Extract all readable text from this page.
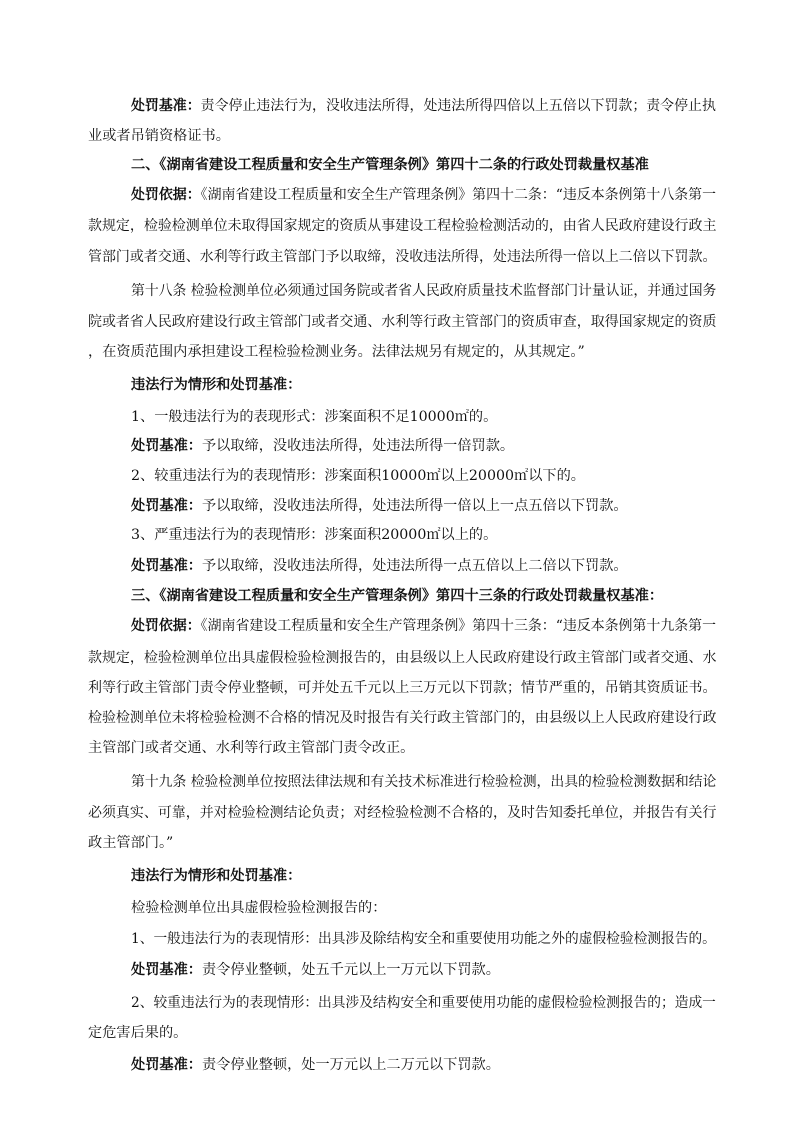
处罚基准：责令停止违法行为，没收违法所得，处违法所得四倍以上五倍以下罚款；责令停止执
业或者吊销资格证书。
二、《湖南省建设工程质量和安全生产管理条例》第四十二条的行政处罚裁量权基准
处罚依据：《湖南省建设工程质量和安全生产管理条例》第四十二条：“违反本条例第十八条第一
款规定，检验检测单位未取得国家规定的资质从事建设工程检验检测活动的，由省人民政府建设行政主
管部门或者交通、水利等行政主管部门予以取缔，没收违法所得，处违法所得一倍以上二倍以下罚款。
第十八条 检验检测单位必须通过国务院或者省人民政府质量技术监督部门计量认证，并通过国务
院或者省人民政府建设行政主管部门或者交通、水利等行政主管部门的资质审查，取得国家规定的资质
，在资质范围内承担建设工程检验检测业务。法律法规另有规定的，从其规定。”
违法行为情形和处罚基准：
1、一般违法行为的表现形式：涉案面积不足10000㎡的。
处罚基准：予以取缔，没收违法所得，处违法所得一倍罚款。
2、较重违法行为的表现情形：涉案面积10000㎡以上20000㎡以下的。
处罚基准：予以取缔，没收违法所得，处违法所得一倍以上一点五倍以下罚款。
3、严重违法行为的表现情形：涉案面积20000㎡以上的。
处罚基准：予以取缔，没收违法所得，处违法所得一点五倍以上二倍以下罚款。
三、《湖南省建设工程质量和安全生产管理条例》第四十三条的行政处罚裁量权基准：
处罚依据：《湖南省建设工程质量和安全生产管理条例》第四十三条：“违反本条例第十九条第一
款规定，检验检测单位出具虚假检验检测报告的，由县级以上人民政府建设行政主管部门或者交通、水
利等行政主管部门责令停业整顿，可并处五千元以上三万元以下罚款；情节严重的，吊销其资质证书。
检验检测单位未将检验检测不合格的情况及时报告有关行政主管部门的，由县级以上人民政府建设行政
主管部门或者交通、水利等行政主管部门责令改正。
第十九条 检验检测单位按照法律法规和有关技术标准进行检验检测，出具的检验检测数据和结论
必须真实、可靠，并对检验检测结论负责；对经检验检测不合格的，及时告知委托单位，并报告有关行
政主管部门。”
违法行为情形和处罚基准：
检验检测单位出具虚假检验检测报告的：
1、一般违法行为的表现情形：出具涉及除结构安全和重要使用功能之外的虚假检验检测报告的。
处罚基准：责令停业整顿，处五千元以上一万元以下罚款。
2、较重违法行为的表现情形：出具涉及结构安全和重要使用功能的虚假检验检测报告的；造成一
定危害后果的。
处罚基准：责令停业整顿，处一万元以上二万元以下罚款。
